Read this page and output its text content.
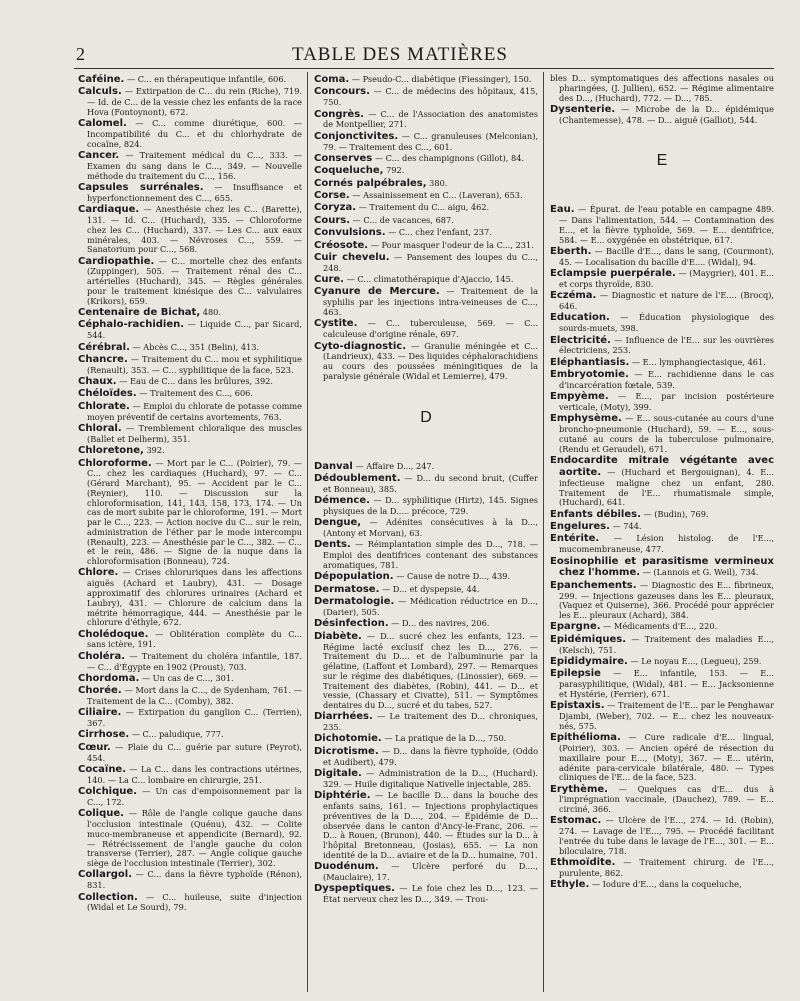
2	TABLE DES MATIÈRES

Caféine. — C... en thérapeutique infantile, 606.

Calculs. — Extirpation de C... du rein (Riche), 719. — Id. de C... de la vessie chez les enfants de la race Hova (Fontoynont), 672.

Calomel. — C... comme diurétique, 600. — Incompatibilité du C... et du chlorhydrate de cocaïne, 824.

Cancer. — Traitement médical du C..., 333. — Examen du sang dans le C..., 349. — Nouvelle méthode du traitement du C..., 156.

Capsules surrénales. — Insuffisance et hyperfonctionnement des C..., 655.

Cardiaque. — Anesthésie chez les C... (Barette), 131. — Id. C... (Huchard), 335. — Chloroforme chez les C... (Huchard), 337. — Les C... aux eaux minérales, 403. — Névroses C..., 559. — Sanatorium pour C..., 568.

Cardiopathie. — C... mortelle chez des enfants (Zuppinger), 505. — Traitement rénal des C... artérielles (Huchard), 345. — Règles générales pour le traitement kinésique des C... valvulaires (Krikors), 659.

Centenaire de Bichat, 480.

Céphalo-rachidien. — Liquide C..., par Sicard, 544.

Cérébral. — Abcès C..., 351 (Belin), 413.

Chancre. — Traitement du C... mou et syphilitique (Renault), 353. — C... syphilitique de la face, 523.

Chaux. — Eau de C... dans les brûlures, 392.

Chéloïdes. — Traitement des C..., 606.

Chlorate. — Emploi du chlorate de potasse comme moyen préventif de certains avortements, 763.

Chloral. — Tremblement chloralique des muscles (Ballet et Delherm), 351.

Chloretone, 392.

Chloroforme. — Mort par le C... (Poirier), 79. — C... chez les cardiaques (Huchard), 97. — C... (Gérard Marchant), 95. — Accident par le C... (Reynier), 110. — Discussion sur la chloroformisation, 141, 143, 158, 173, 174. — Un cas de mort subite par le chloroforme, 191. — Mort par le C..., 223. — Action nocive du C... sur le rein, administration de l'éther par le mode intercompu (Renault), 223. — Anesthésie par le C..., 382. — C... et le rein, 486. — Signe de la nuque dans la chloroformisation (Bonneau), 724.

Chlore. — Crises chloruriques dans les affections aiguës (Achard et Laubry), 431. — Dosage approximatif des chlorures urinaires (Achard et Laubry), 431. — Chlorure de calcium dans la métrite hémorragique, 444. — Anesthésie par le chlorure d'éthyle, 672.

Cholédoque. — Oblitération complète du C... sans ictère, 191.

Choléra. — Traitement du choléra infantile, 187. — C... d'Égypte en 1902 (Proust), 703.

Chordoma. — Un cas de C..., 301.

Chorée. — Mort dans la C..., de Sydenham, 761. — Traitement de la C... (Comby), 382.

Ciliaire. — Extirpation du ganglion C... (Terrien), 367.

Cirrhose. — C... paludique, 777.

Cœur. — Plaie du C... guérie par suture (Peyrot), 454.

Cocaïne. — La C... dans les contractions utérines, 140. — La C... lombaire en chirurgie, 251.

Colchique. — Un cas d'empoisonnement par la C..., 172.

Colique. — Rôle de l'angle colique gauche dans l'occlusion intestinale (Quénu), 432. — Colite muco-membraneuse et appendicite (Bernard), 92. — Rétrécissement de l'angle gauche du colon transverse (Terrier), 287. — Angle colique gauche siège de l'occlusion intestinale (Terrier), 302.

Collargol. — C... dans la fièvre typhoïde (Rénon), 831.

Collection. — C... huileuse, suite d'injection (Widal et Le Sourd), 79.

Coma. — Pseudo-C... diabétique (Fiessinger), 150.

Concours. — C... de médecins des hôpitaux, 415, 750.

Congrès. — C... de l'Association des anatomistes de Montpellier, 271.

Conjonctivites. — C... granuleuses (Melconian), 79. — Traitement des C..., 601.

Conserves — C... des champignons (Gillot), 84.

Coqueluche, 792.

Cornés palpébrales, 380.

Corse. — Assainissement en C... (Laveran), 653.

Coryza. — Traitement du C... aigu, 462.

Cours. — C... de vacances, 687.

Convulsions. — C... chez l'enfant, 237.

Créosote. — Pour masquer l'odeur de la C..., 231.

Cuir chevelu. — Pansement des loupes du C..., 248.

Cure. — C... climatothérapique d'Ajaccio, 145.

Cyanure de Mercure. — Traitement de la syphilis par les injections intra-veineuses de C..., 463.

Cystite. — C... tuberculeuse, 569. — C... calculeuse d'origine rénale, 697.

Cyto-diagnostic. — Granulie méningée et C... (Landrieux), 433. — Des liquides céphalorachidiens au cours des poussées méningitiques de la paralysie générale (Widal et Lemierre), 479.

D

Danval — Affaire D..., 247.

Dédoublement. — D... du second bruit, (Cuffer et Bonneau), 385.

Démence. — D... syphilitique (Hirtz), 145. Signes physiques de la D..... précoce, 729.

Dengue, — Adénites consécutives à la D..., (Antony et Morvan), 63.

Dents. — Réimplantation simple des D..., 718. — Emploi des dentifrices contenant des substances aromatiques, 781.

Dépopulation. — Cause de notre D..., 439.

Dermatose. — D... et dyspepsie, 44.

Dermatologie. — Médication réductrice en D..., (Darier), 505.

Désinfection. — D... des navires, 206.

Diabète. — D... sucré chez les enfants, 123. — Régime lacté exclusif chez les D..., 276. — Traitement du D.... et de l'albuminurie par la gélatine, (Laffont et Lombard), 297. — Remarques sur le régime des diabétiques, (Linossier), 669. — Traitement des diabètes, (Robin), 441. — D... et vessie, (Chassary et Civatte), 511. — Symptômes dentaires du D..., sucré et du tabes, 527.

Diarrhées. — Le traitement des D... chroniques, 235.

Dichotomie. — La pratique de la D..., 750.

Dicrotisme. — D... dans la fièvre typhoïde, (Oddo et Audibert), 479.

Digitale. — Administration de la D..., (Huchard). 329. — Huile digitalique Nativelle injectable, 285.

Diphtérie. — Le bacille D... dans la bouche des enfants sains, 161. — Injections prophylactiques préventives de la D...., 204. — Épidémie de D... observée dans le canton d'Ancy-le-Franc, 206. — D... à Rouen, (Brunon), 440. — Études sur la D... à l'hôpital Bretonneau, (Josias), 655. — La non identité de la D... aviaire et de la D... humaine, 701.

Duodénum. — Ulcère perforé du D...., (Mauclaire), 17.

Dyspeptiques. — Le foie chez les D..., 123. — État nerveux chez les D..., 349. — Trou-

bles D... symptomatiques des affections nasales ou pharingées, (J. Jullien), 652. — Régime alimentaire des D..., (Huchard), 772. — D..., 785.

Dysenterie. — Microbe de la D... épidémique (Chantemesse), 478. — D... aiguë (Galliot), 544.

E

Eau. — Épurat. de l'eau potable en campagne 489. — Dans l'alimentation, 544. — Contamination des E..., et la fièvre typhoïde, 569. — E... dentifrice, 584. — E... oxygénée en obstétrique, 617.

Eberth. — Bacille d'E..., dans le sang, (Courmont), 45. — Localisation du bacille d'E.... (Widal), 94.

Eclampsie puerpérale. — (Maygrier), 401. E... et corps thyroïde, 830.

Eczéma. — Diagnostic et nature de l'E.... (Brocq), 646.

Education. — Éducation physiologique des sourds-muets, 398.

Electricité. — Influence de l'E... sur les ouvrières électriciens, 253.

Eléphantiasis. — E... lymphangiectasique, 461.

Embryotomie. — E... rachidienne dans le cas d'incarcération fœtale, 539.

Empyème. — E..., par incision postérieure verticale, (Moty), 399.

Emphysème. — E... sous-cutanée au cours d'une broncho-pneumonie (Huchard), 59. — E..., sous-cutané au cours de la tuberculose pulmonaire, (Rendu et Geraudel), 671.

Endocardite mitrale végétante avec aortite. — (Huchard et Bergouignan), 4. E... infectieuse maligne chez un enfant, 280. Traitement de l'E... rhumatismale simple, (Huchard), 641.

Enfants débiles. — (Budin), 769.

Engelures. — 744.

Entérite. — Lésion histolog. de l'E..., mucomembraneuse, 477.

Eosinophilie et parasitisme vermineux chez l'homme. — (Lannois et G. Weil), 734.

Epanchements. — Diagnostic des E... fibrineux, 299. — Injections gazeuses dans les E... pleuraux, (Vaquez et Quiserne), 366. Procédé pour apprécier les E... pleuraux (Achard), 384.

Epargne. — Médicaments d'E..., 220.

Epidémiques. — Traitement des maladies E..., (Kelsch), 751.

Epididymaire. — Le noyau E..., (Legueu), 259.

Epilepsie — E... infantile, 153. — E... parasyphilitique, (Widal), 481. — E... Jacksonienne et Hystérie, (Ferrier), 671.

Epistaxis. — Traitement de l'E... par le Penghawar Djambi, (Weber), 702. — E... chez les nouveaux-nés, 575.

Epithélioma. — Cure radicale d'E... lingual, (Poirier), 303. — Ancien opéré de résection du maxillaire pour E..., (Moty), 367. — E... utérin, adénite para-cervicale bilatérale, 480. — Types cliniques de l'E... de la face, 523.

Erythème. — Quelques cas d'E... dus à l'imprégnation vaccinale, (Dauchez), 789. — E... circiné, 366.

Estomac. — Ulcère de l'E..., 274. — Id. (Robin), 274. — Lavage de l'E..., 795. — Procédé facilitant l'entrée du tube dans le lavage de l'E..., 301. — E... biloculaire, 718.

Ethmoïdite. — Traitement chirurg. de l'E..., purulente, 862.

Ethyle. — Iodure d'E..., dans la coqueluche,
